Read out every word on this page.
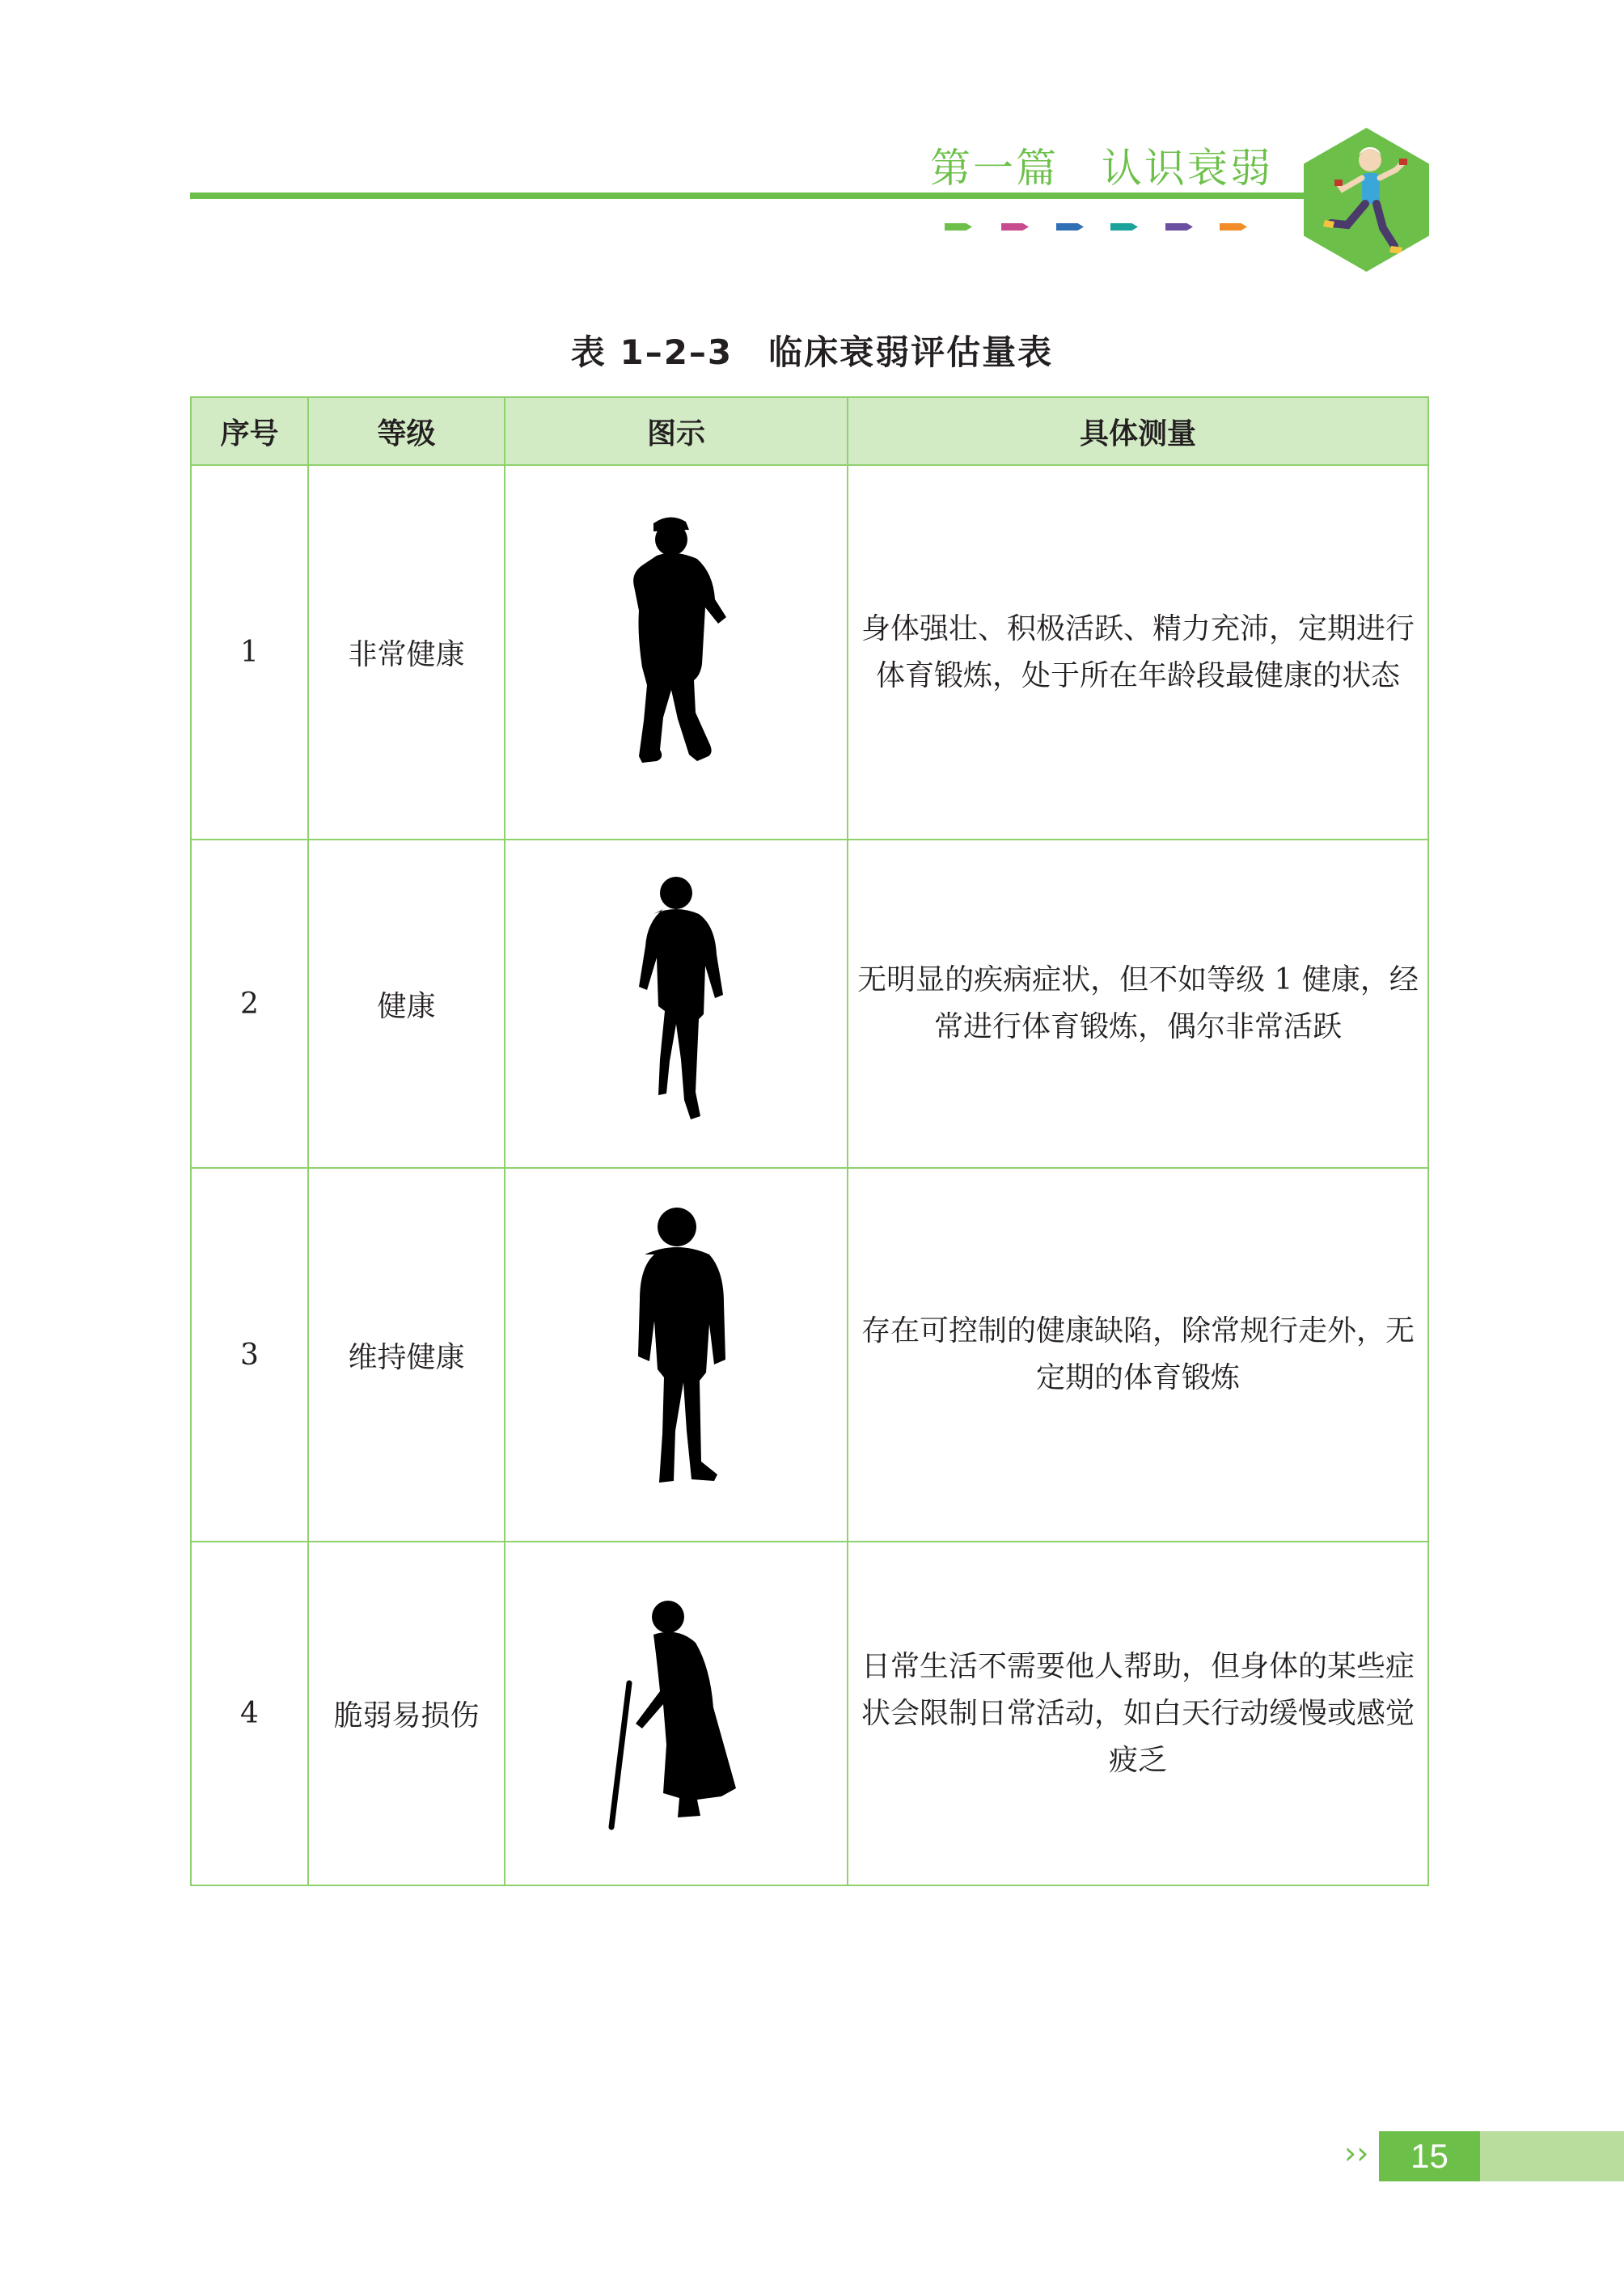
第一篇　认识衰弱
表 1–2–3　临床衰弱评估量表
序号	等级	图示	具体测量
1	非常健康		身体强壮、积极活跃、精力充沛，定期进行体育锻炼，处于所在年龄段最健康的状态
2	健康		无明显的疾病症状，但不如等级 1 健康，经常进行体育锻炼，偶尔非常活跃
3	维持健康		存在可控制的健康缺陷，除常规行走外，无定期的体育锻炼
4	脆弱易损伤		日常生活不需要他人帮助，但身体的某些症状会限制日常活动，如白天行动缓慢或感觉疲乏
››	15
